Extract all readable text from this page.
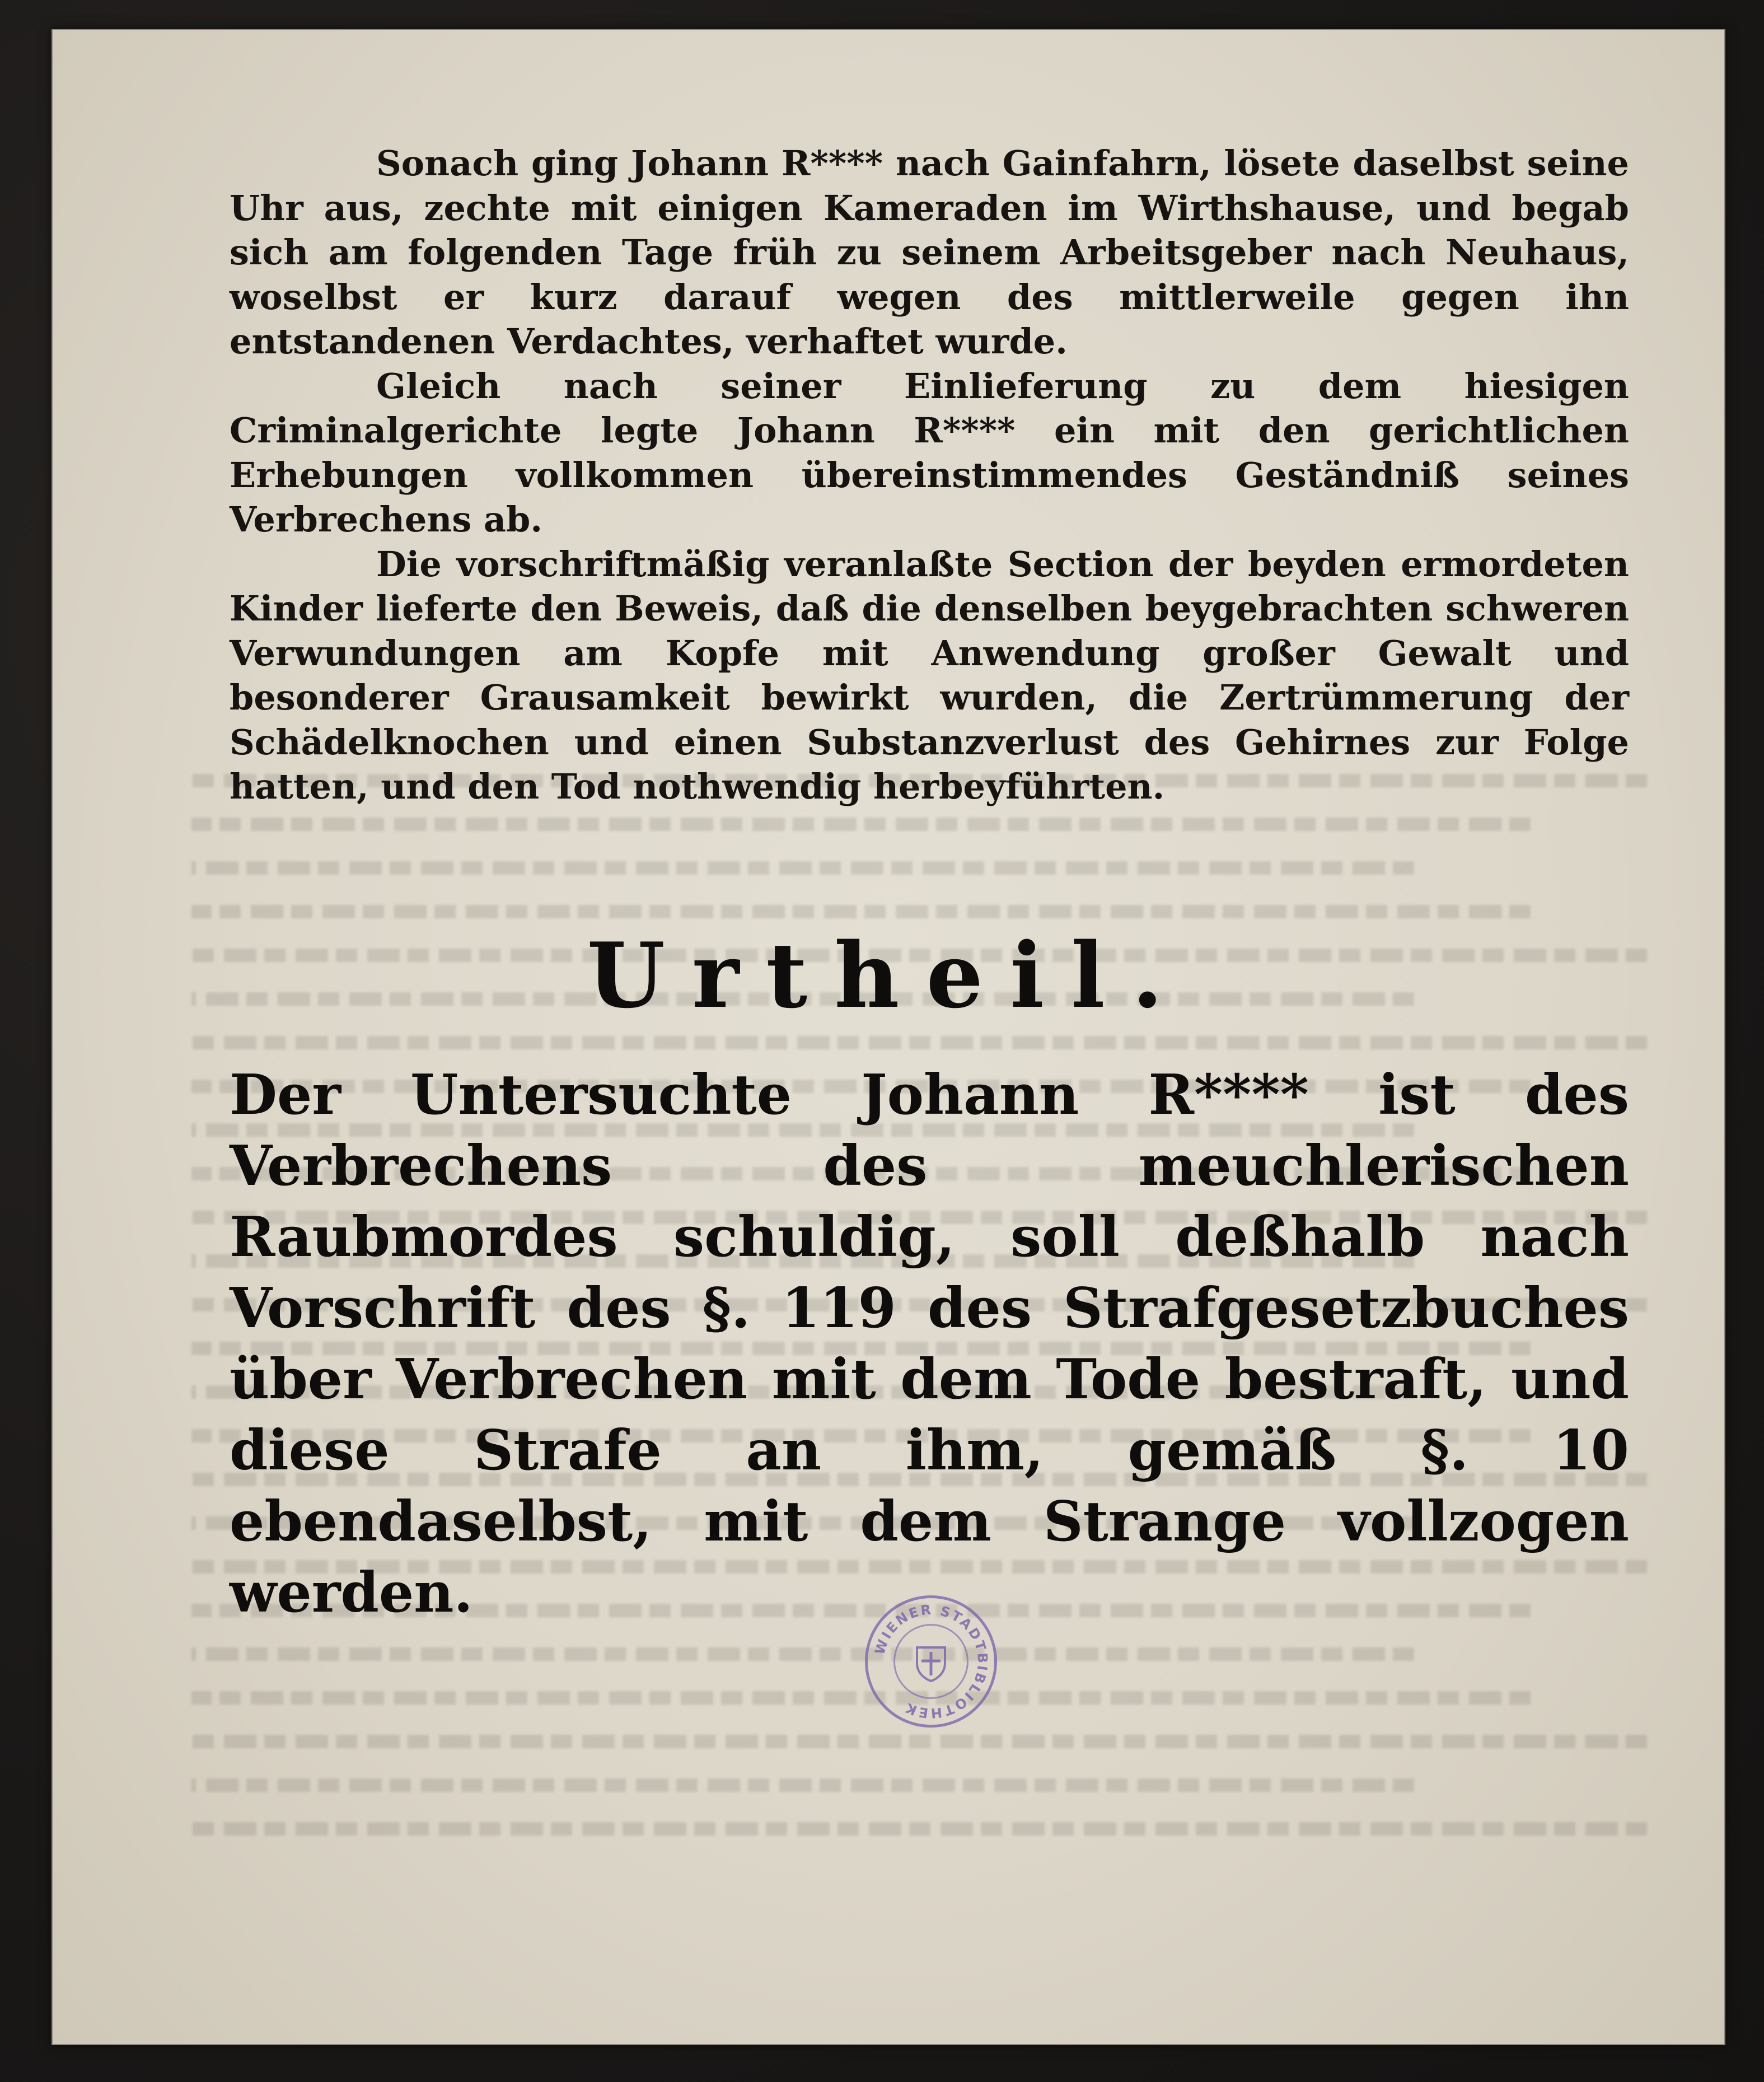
Sonach ging Johann R**** nach Gainfahrn, lösete daselbst seine Uhr aus, zechte mit einigen Kameraden im Wirthshause, und begab sich am folgenden Tage früh zu seinem Arbeitsgeber nach Neuhaus, woselbst er kurz darauf wegen des mittlerweile gegen ihn entstandenen Verdachtes, verhaftet wurde.

Gleich nach seiner Einlieferung zu dem hiesigen Criminalgerichte legte Johann R**** ein mit den gerichtlichen Erhebungen vollkommen übereinstimmendes Geständniß seines Verbrechens ab.

Die vorschriftmäßig veranlaßte Section der beyden ermordeten Kinder lieferte den Beweis, daß die denselben beygebrachten schweren Verwundungen am Kopfe mit Anwendung großer Gewalt und besonderer Grausamkeit bewirkt wurden, die Zertrümmerung der Schädelknochen und einen Substanzverlust des Gehirnes zur Folge hatten, und den Tod nothwendig herbeyführten.

Urtheil.

Der Untersuchte Johann R**** ist des Verbrechens des meuchlerischen Raubmordes schuldig, soll deßhalb nach Vorschrift des §. 119 des Strafgesetzbuches über Verbrechen mit dem Tode bestraft, und diese Strafe an ihm, gemäß §. 10 ebendaselbst, mit dem Strange vollzogen werden.

WIENER STADTBIBLIOTHEK
